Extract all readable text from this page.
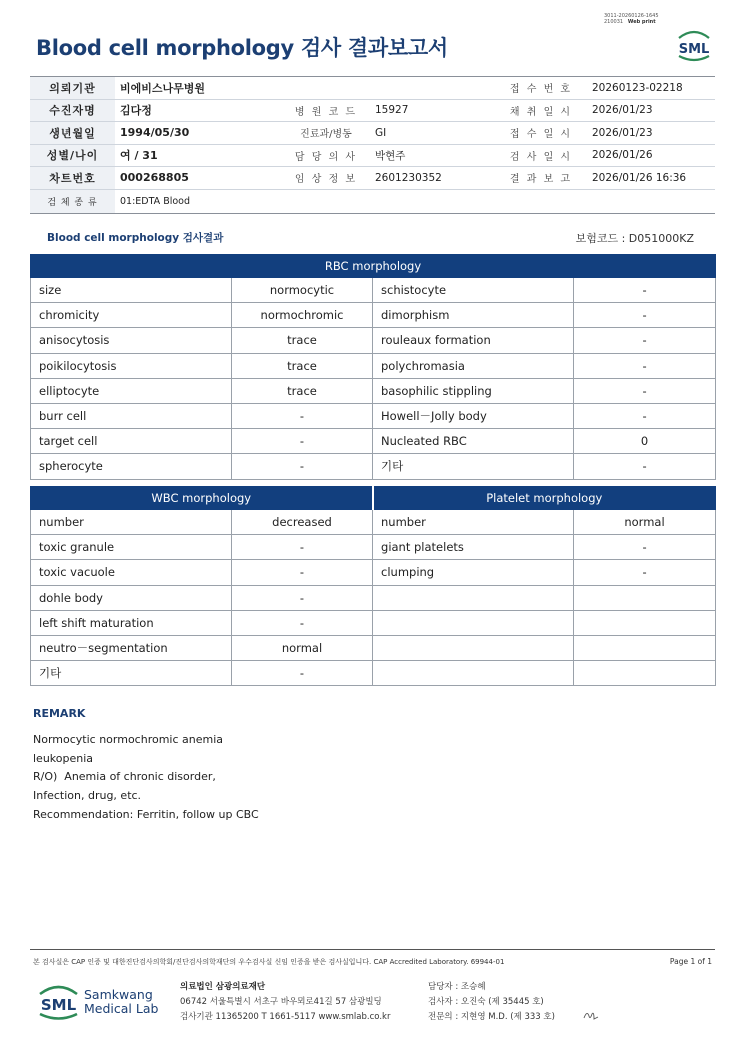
3011-20260126-1645
210031 Web print
Blood cell morphology 검사 결과보고서	SML
의뢰기관	비에비스나무병원			접 수 번 호	20260123-02218
수진자명	김다정	병 원 코 드	15927	채 취 일 시	2026/01/23
생년월일	1994/05/30	진료과/병동	GI	접 수 일 시	2026/01/23
성별/나이	여 / 31	담 당 의 사	박현주	검 사 일 시	2026/01/26
차트번호	000268805	임 상 정 보	2601230352	결 과 보 고	2026/01/26 16:36
검 체 종 류	01:EDTA Blood				
Blood cell morphology 검사결과	보험코드 : D051000KZ
RBC morphology			
size	normocytic	schistocyte	-
chromicity	normochromic	dimorphism	-
anisocytosis	trace	rouleaux formation	-
poikilocytosis	trace	polychromasia	-
elliptocyte	trace	basophilic stippling	-
burr cell	-	Howell－Jolly body	-
target cell	-	Nucleated RBC	0
spherocyte	-	기타	-
WBC morphology		Platelet morphology	
number	decreased	number	normal
toxic granule	-	giant platelets	-
toxic vacuole	-	clumping	-
dohle body	-		
left shift maturation	-		
neutro－segmentation	normal		
기타	-		
REMARK
Normocytic normochromic anemia
leukopenia
R/O)  Anemia of chronic disorder,
Infection, drug, etc.
Recommendation: Ferritin, follow up CBC
본 검사실은 CAP 인증 및 대한진단검사의학회/진단검사의학재단의 우수검사실 신임 인증을 받은 검사실입니다. CAP Accredited Laboratory. 69944-01	Page 1 of 1
SML
Samkwang
Medical Lab
의료법인 삼광의료재단
06742 서울특별시 서초구 바우뫼로41길 57 삼광빌딩
검사기관 11365200 T 1661-5117 www.smlab.co.kr
담당자 : 조승혜
검사자 : 오진숙 (제 35445 호)
전문의 : 지현영 M.D. (제 333 호)
